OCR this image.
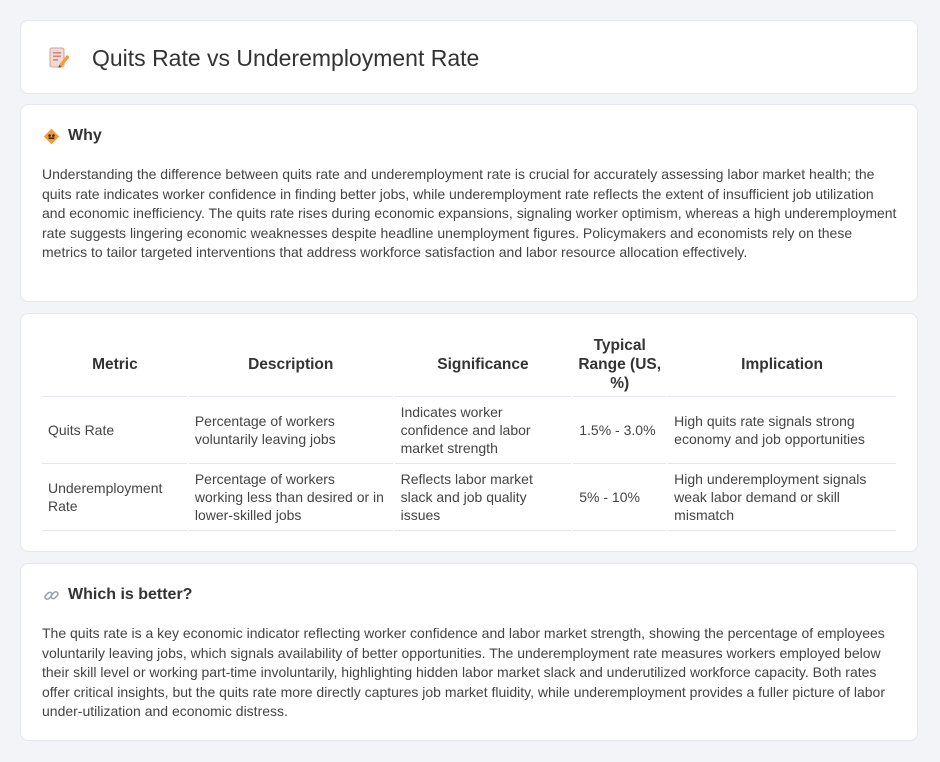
Quits Rate vs Underemployment Rate
Why

Understanding the difference between quits rate and underemployment rate is crucial for accurately assessing labor market health; the quits rate indicates worker confidence in finding better jobs, while underemployment rate reflects the extent of insufficient job utilization and economic inefficiency. The quits rate rises during economic expansions, signaling worker optimism, whereas a high underemployment rate suggests lingering economic weaknesses despite headline unemployment figures. Policymakers and economists rely on these metrics to tailor targeted interventions that address workforce satisfaction and labor resource allocation effectively.

Metric	Description	Significance	Typical Range (US, %)	Implication
Quits Rate	Percentage of workers voluntarily leaving jobs	Indicates worker confidence and labor market strength	1.5% - 3.0%	High quits rate signals strong economy and job opportunities
Underemployment Rate	Percentage of workers working less than desired or in lower-skilled jobs	Reflects labor market slack and job quality issues	5% - 10%	High underemployment signals weak labor demand or skill mismatch
Which is better?

The quits rate is a key economic indicator reflecting worker confidence and labor market strength, showing the percentage of employees voluntarily leaving jobs, which signals availability of better opportunities. The underemployment rate measures workers employed below their skill level or working part-time involuntarily, highlighting hidden labor market slack and underutilized workforce capacity. Both rates offer critical insights, but the quits rate more directly captures job market fluidity, while underemployment provides a fuller picture of labor under-utilization and economic distress.
